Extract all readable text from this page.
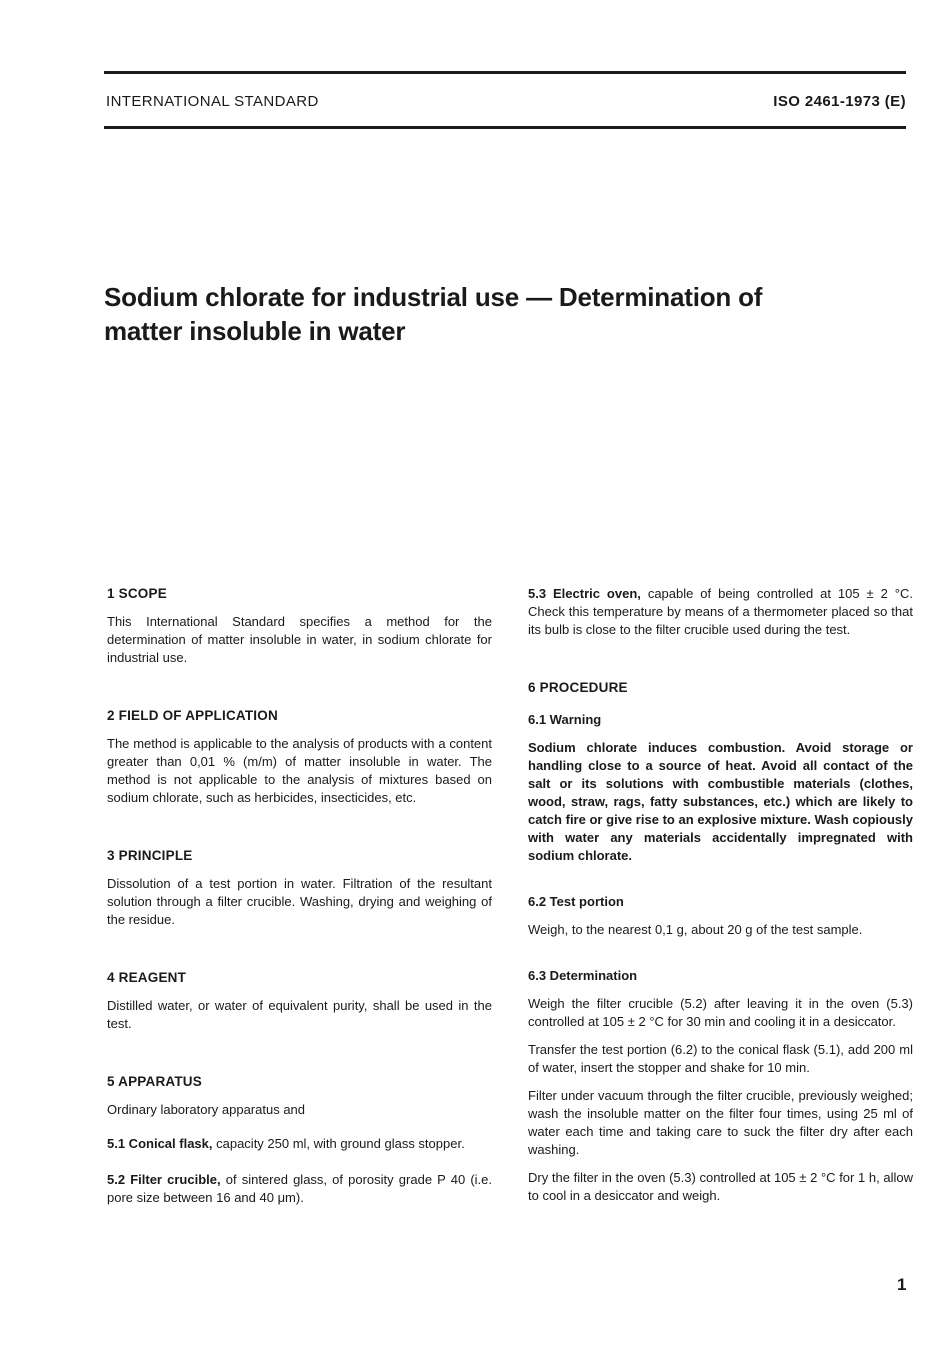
INTERNATIONAL STANDARD	ISO 2461-1973 (E)
Sodium chlorate for industrial use — Determination of
matter insoluble in water
1 SCOPE

This International Standard specifies a method for the determination of matter insoluble in water, in sodium chlorate for industrial use.

2 FIELD OF APPLICATION

The method is applicable to the analysis of products with a content greater than 0,01 % (m/m) of matter insoluble in water. The method is not applicable to the analysis of mixtures based on sodium chlorate, such as herbicides, insecticides, etc.

3 PRINCIPLE

Dissolution of a test portion in water. Filtration of the resultant solution through a filter crucible. Washing, drying and weighing of the residue.

4 REAGENT

Distilled water, or water of equivalent purity, shall be used in the test.

5 APPARATUS

Ordinary laboratory apparatus and

5.1 Conical flask, capacity 250 ml, with ground glass stopper.

5.2 Filter crucible, of sintered glass, of porosity grade P 40 (i.e. pore size between 16 and 40 μm).

5.3 Electric oven, capable of being controlled at 105 ± 2 °C. Check this temperature by means of a thermometer placed so that its bulb is close to the filter crucible used during the test.

6 PROCEDURE
6.1 Warning

Sodium chlorate induces combustion. Avoid storage or handling close to a source of heat. Avoid all contact of the salt or its solutions with combustible materials (clothes, wood, straw, rags, fatty substances, etc.) which are likely to catch fire or give rise to an explosive mixture. Wash copiously with water any materials accidentally impregnated with sodium chlorate.

6.2 Test portion

Weigh, to the nearest 0,1 g, about 20 g of the test sample.

6.3 Determination

Weigh the filter crucible (5.2) after leaving it in the oven (5.3) controlled at 105 ± 2 °C for 30 min and cooling it in a desiccator.

Transfer the test portion (6.2) to the conical flask (5.1), add 200 ml of water, insert the stopper and shake for 10 min.

Filter under vacuum through the filter crucible, previously weighed; wash the insoluble matter on the filter four times, using 25 ml of water each time and taking care to suck the filter dry after each washing.

Dry the filter in the oven (5.3) controlled at 105 ± 2 °C for 1 h, allow to cool in a desiccator and weigh.

1
